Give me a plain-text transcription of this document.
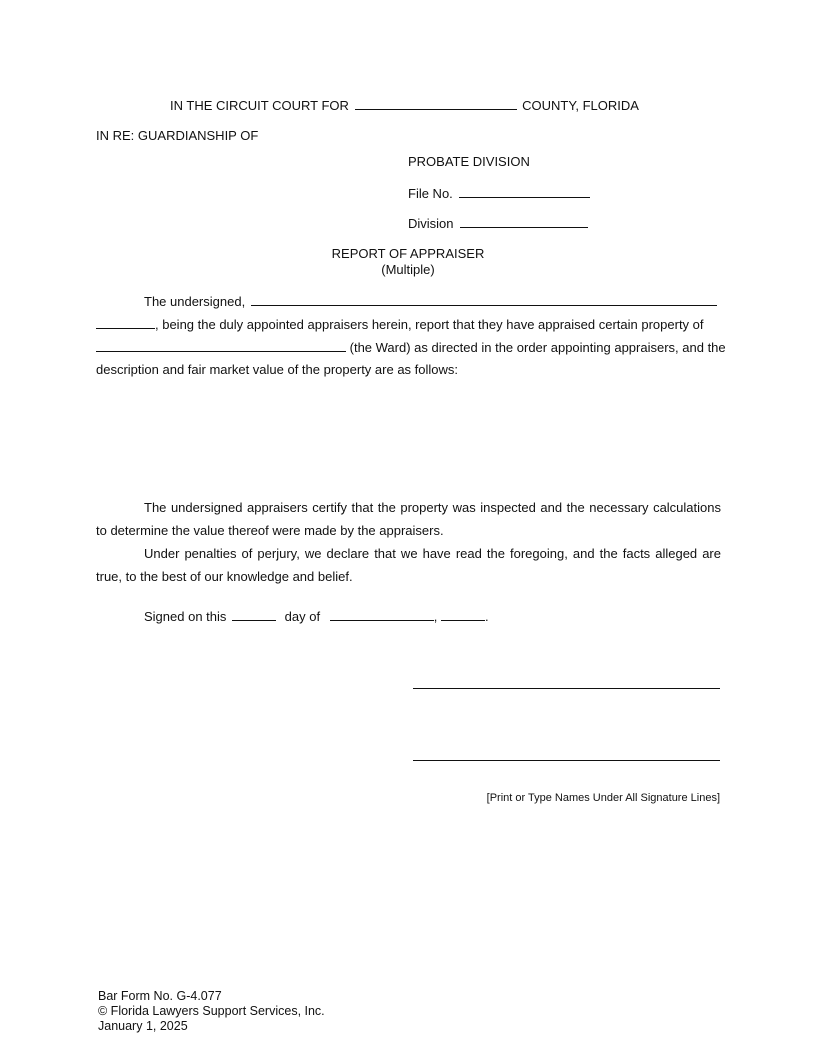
IN THE CIRCUIT COURT FOR	COUNTY, FLORIDA
IN RE: GUARDIANSHIP OF
PROBATE DIVISION
File No.
Division
REPORT OF APPRAISER
(Multiple)
The undersigned,
, being the duly appointed appraisers herein, report that they have appraised certain property of
(the Ward) as directed in the order appointing appraisers, and the
description and fair market value of the property are as follows:
The undersigned appraisers certify that the property was inspected and the necessary calculations to determine the value thereof were made by the appraisers.
Under penalties of perjury, we declare that we have read the foregoing, and the facts alleged are true, to the best of our knowledge and belief.
Signed on this	day of	,	.
[Print or Type Names Under All Signature Lines]
Bar Form No. G-4.077
© Florida Lawyers Support Services, Inc.
January 1, 2025
